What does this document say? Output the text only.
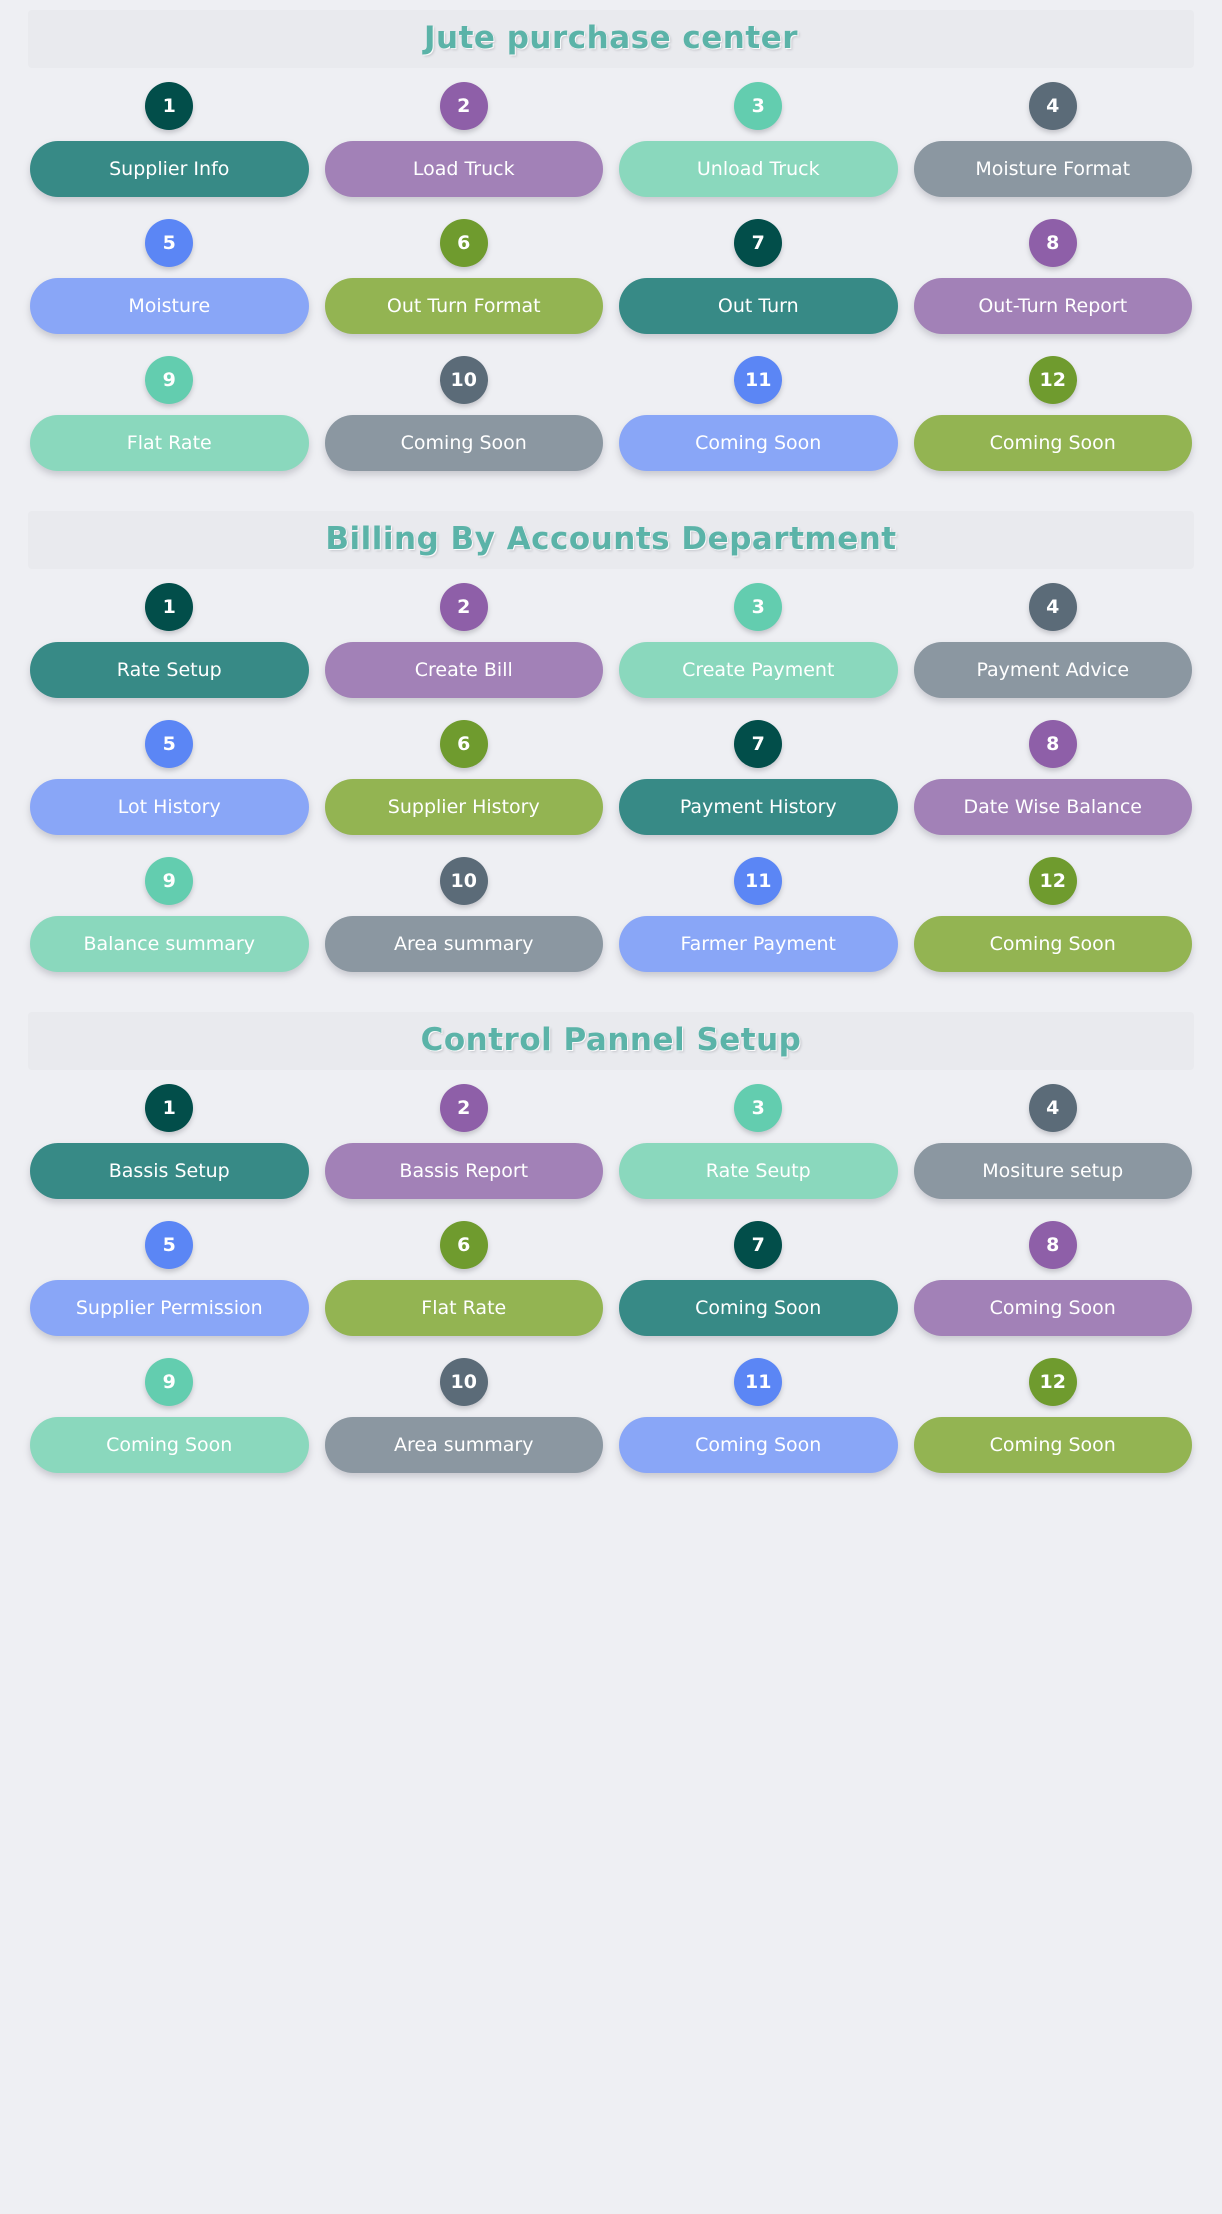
Jute purchase center
1
Supplier Info
2
Load Truck
3
Unload Truck
4
Moisture Format
5
Moisture
6
Out Turn Format
7
Out Turn
8
Out-Turn Report
9
Flat Rate
10
Coming Soon
11
Coming Soon
12
Coming Soon
Billing By Accounts Department
1
Rate Setup
2
Create Bill
3
Create Payment
4
Payment Advice
5
Lot History
6
Supplier History
7
Payment History
8
Date Wise Balance
9
Balance summary
10
Area summary
11
Farmer Payment
12
Coming Soon
Control Pannel Setup
1
Bassis Setup
2
Bassis Report
3
Rate Seutp
4
Mositure setup
5
Supplier Permission
6
Flat Rate
7
Coming Soon
8
Coming Soon
9
Coming Soon
10
Area summary
11
Coming Soon
12
Coming Soon
